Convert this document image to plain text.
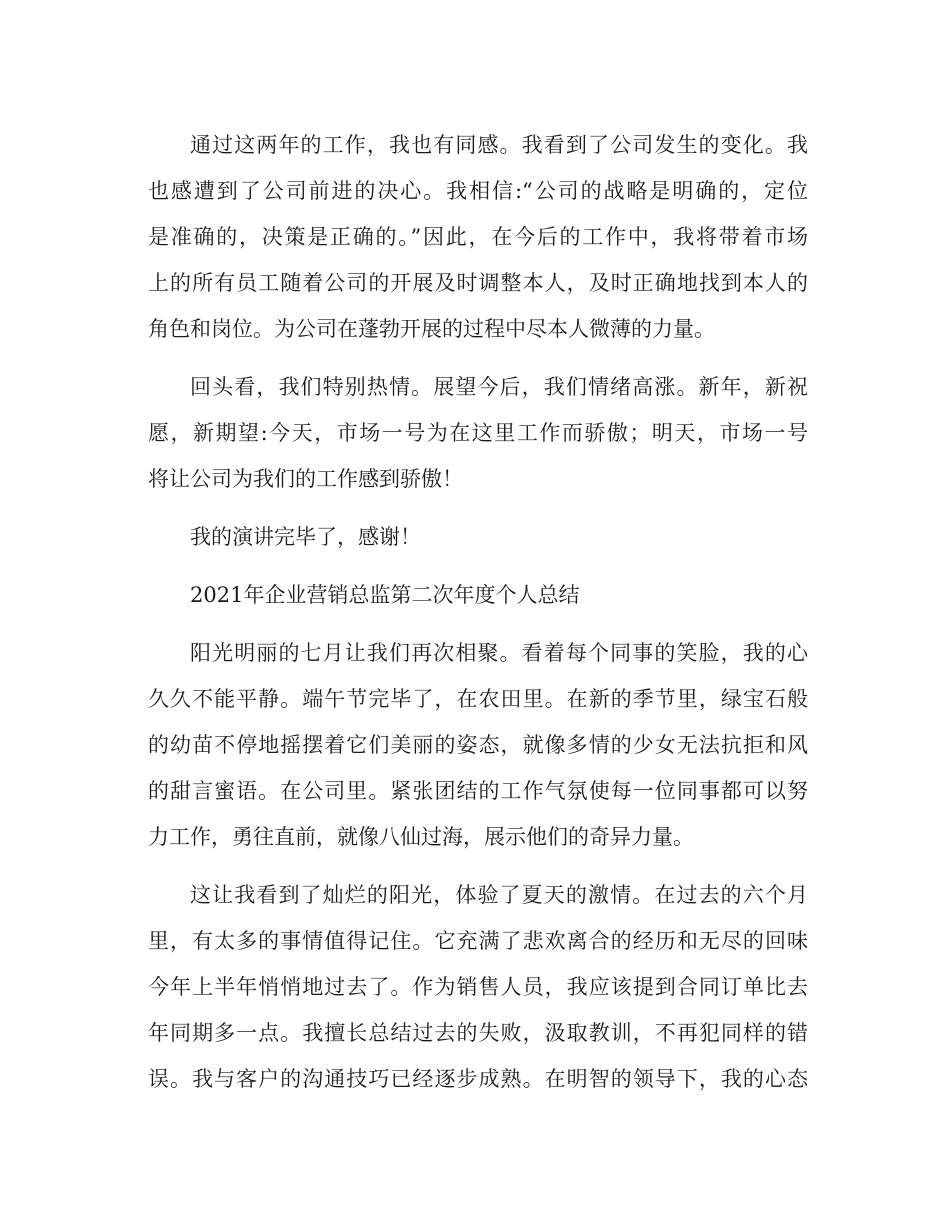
通过这两年的工作，我也有同感。我看到了公司发生的变化。我
也感遭到了公司前进的决心。我相信:“公司的战略是明确的，定位
是准确的，决策是正确的。”因此，在今后的工作中，我将带着市场
上的所有员工随着公司的开展及时调整本人，及时正确地找到本人的
角色和岗位。为公司在蓬勃开展的过程中尽本人微薄的力量。
回头看，我们特别热情。展望今后，我们情绪高涨。新年，新祝
愿，新期望:今天，市场一号为在这里工作而骄傲；明天，市场一号
将让公司为我们的工作感到骄傲！
我的演讲完毕了，感谢！
2021年企业营销总监第二次年度个人总结
阳光明丽的七月让我们再次相聚。看着每个同事的笑脸，我的心
久久不能平静。端午节完毕了，在农田里。在新的季节里，绿宝石般
的幼苗不停地摇摆着它们美丽的姿态，就像多情的少女无法抗拒和风
的甜言蜜语。在公司里。紧张团结的工作气氛使每一位同事都可以努
力工作，勇往直前，就像八仙过海，展示他们的奇异力量。
这让我看到了灿烂的阳光，体验了夏天的激情。在过去的六个月
里，有太多的事情值得记住。它充满了悲欢离合的经历和无尽的回味
今年上半年悄悄地过去了。作为销售人员，我应该提到合同订单比去
年同期多一点。我擅长总结过去的失败，汲取教训，不再犯同样的错
误。我与客户的沟通技巧已经逐步成熟。在明智的领导下，我的心态
